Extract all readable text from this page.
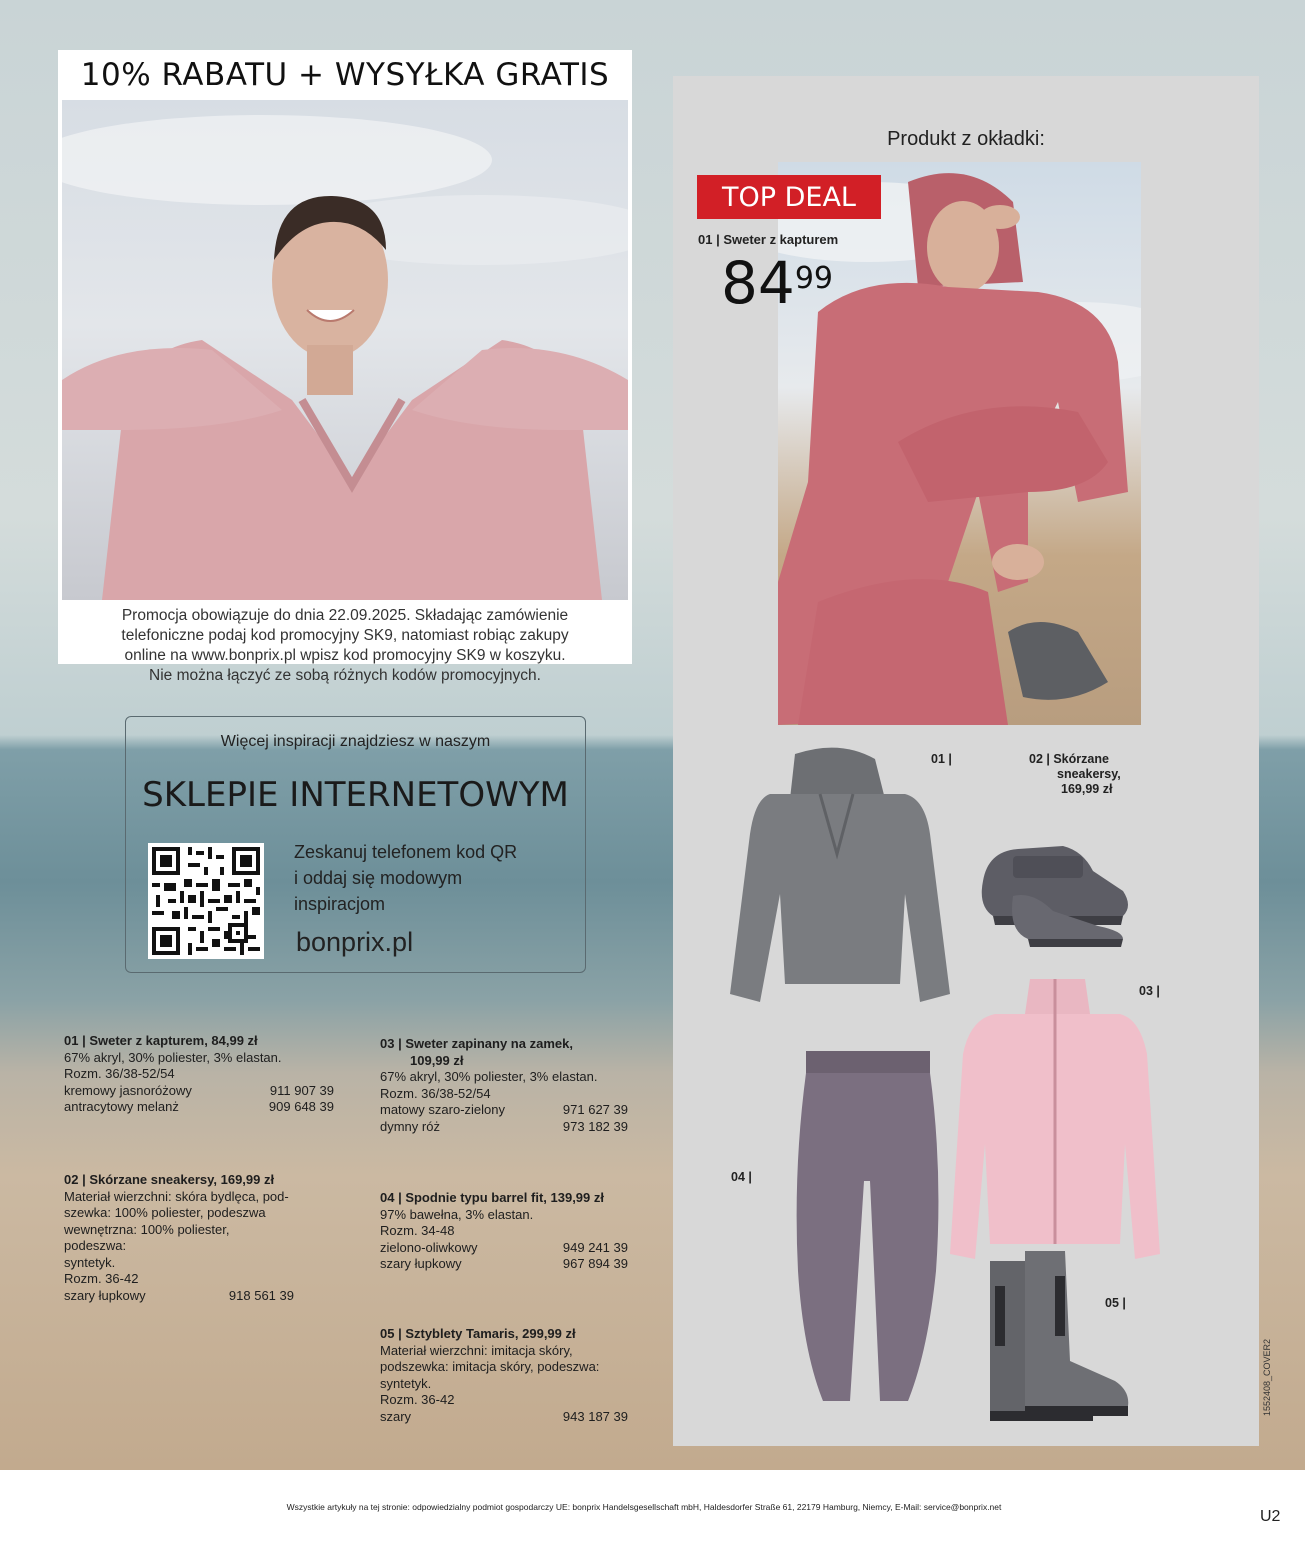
10% RABATU + WYSYŁKA GRATIS
Promocja obowiązuje do dnia 22.09.2025. Składając zamówienie
telefoniczne podaj kod promocyjny SK9, natomiast robiąc zakupy
online na www.bonprix.pl wpisz kod promocyjny SK9 w koszyku.
Nie można łączyć ze sobą różnych kodów promocyjnych.
Więcej inspiracji znajdziesz w naszym
SKLEPIE INTERNETOWYM
Zeskanuj telefonem kod QR
i oddaj się modowym
inspiracjom
bonprix.pl
01 | Sweter z kapturem, 84,99 zł
67% akryl, 30% poliester, 3% elastan.
Rozm. 36/38-52/54
kremowy jasnoróżowy	911 907 39
antracytowy melanż	909 648 39
02 | Skórzane sneakersy, 169,99 zł
Materiał wierzchni: skóra bydlęca, pod-
szewka: 100% poliester, podeszwa
wewnętrzna: 100% poliester, podeszwa:
syntetyk.
Rozm. 36-42
szary łupkowy	918 561 39
03 | Sweter zapinany na zamek,
109,99 zł
67% akryl, 30% poliester, 3% elastan.
Rozm. 36/38-52/54
matowy szaro-zielony	971 627 39
dymny róż	973 182 39
04 | Spodnie typu barrel fit, 139,99 zł
97% bawełna, 3% elastan.
Rozm. 34-48
zielono-oliwkowy	949 241 39
szary łupkowy	967 894 39
05 | Sztyblety Tamaris, 299,99 zł
Materiał wierzchni: imitacja skóry,
podszewka: imitacja skóry, podeszwa:
syntetyk.
Rozm. 36-42
szary	943 187 39
Produkt z okładki:
TOP DEAL
01 | Sweter z kapturem
$84^{99}$
01 |	02 | Skórzane
sneakersy,
169,99 zł
03 |
04 |
05 |
1552408_COVER2
Wszystkie artykuły na tej stronie: odpowiedzialny podmiot gospodarczy UE: bonprix Handelsgesellschaft mbH, Haldesdorfer Straße 61, 22179 Hamburg, Niemcy, E-Mail: service@bonprix.net
U2
